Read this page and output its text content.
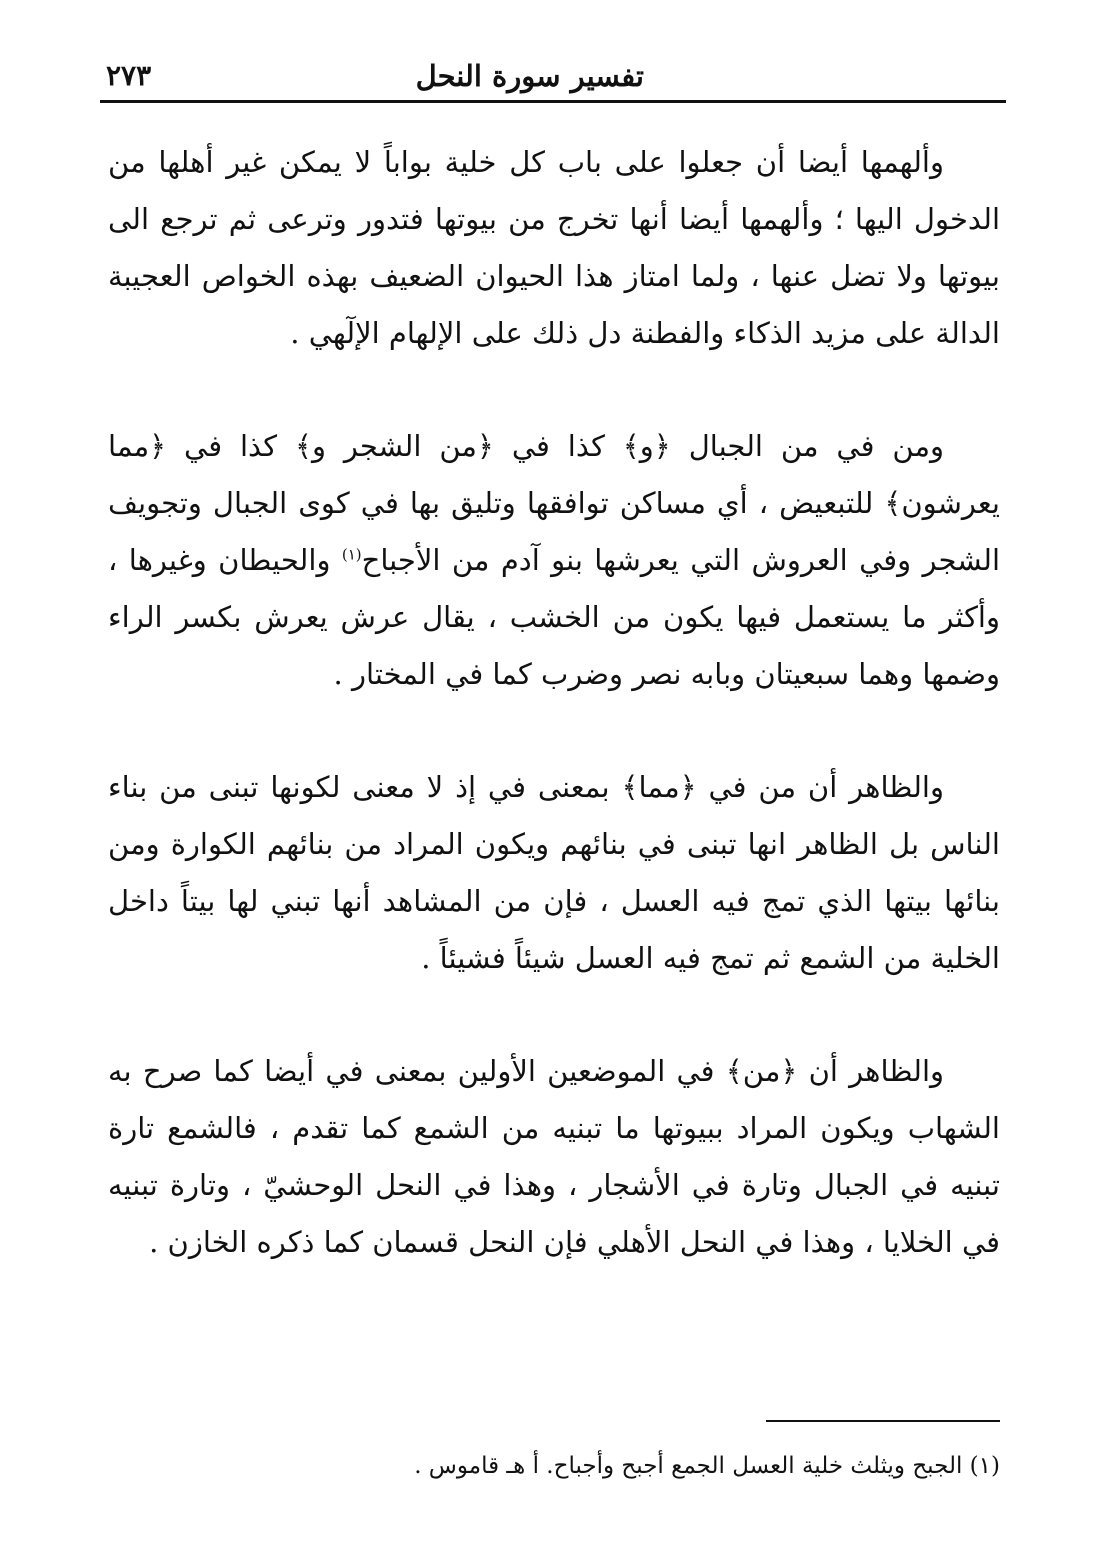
تفسير سورة النحل
٢٧٣

وألهمها أيضا أن جعلوا على باب كل خلية بواباً لا يمكن غير أهلها من الدخول اليها ؛ وألهمها أيضا أنها تخرج من بيوتها فتدور وترعى ثم ترجع الى بيوتها ولا تضل عنها ، ولما امتاز هذا الحيوان الضعيف بهذه الخواص العجيبة الدالة على مزيد الذكاء والفطنة دل ذلك على الإلهام الإلٓهي .

ومن في من الجبال ﴿و﴾ كذا في ﴿من الشجر و﴾ كذا في ﴿مما يعرشون﴾ للتبعيض ، أي مساكن توافقها وتليق بها في كوى الجبال وتجويف الشجر وفي العروش التي يعرشها بنو آدم من الأجباح$^{(١)}$ والحيطان وغيرها ، وأكثر ما يستعمل فيها يكون من الخشب ، يقال عرش يعرش بكسر الراء وضمها وهما سبعيتان وبابه نصر وضرب كما في المختار .

والظاهر أن من في ﴿مما﴾ بمعنى في إذ لا معنى لكونها تبنى من بناء الناس بل الظاهر انها تبنى في بنائهم ويكون المراد من بنائهم الكوارة ومن بنائها بيتها الذي تمج فيه العسل ، فإن من المشاهد أنها تبني لها بيتاً داخل الخلية من الشمع ثم تمج فيه العسل شيئاً فشيئاً .

والظاهر أن ﴿من﴾ في الموضعين الأولين بمعنى في أيضا كما صرح به الشهاب ويكون المراد ببيوتها ما تبنيه من الشمع كما تقدم ، فالشمع تارة تبنيه في الجبال وتارة في الأشجار ، وهذا في النحل الوحشيّ ، وتارة تبنيه في الخلايا ، وهذا في النحل الأهلي فإن النحل قسمان كما ذكره الخازن .

(١) الجبح ويثلث خلية العسل الجمع أجبح وأجباح. أ هـ قاموس .
